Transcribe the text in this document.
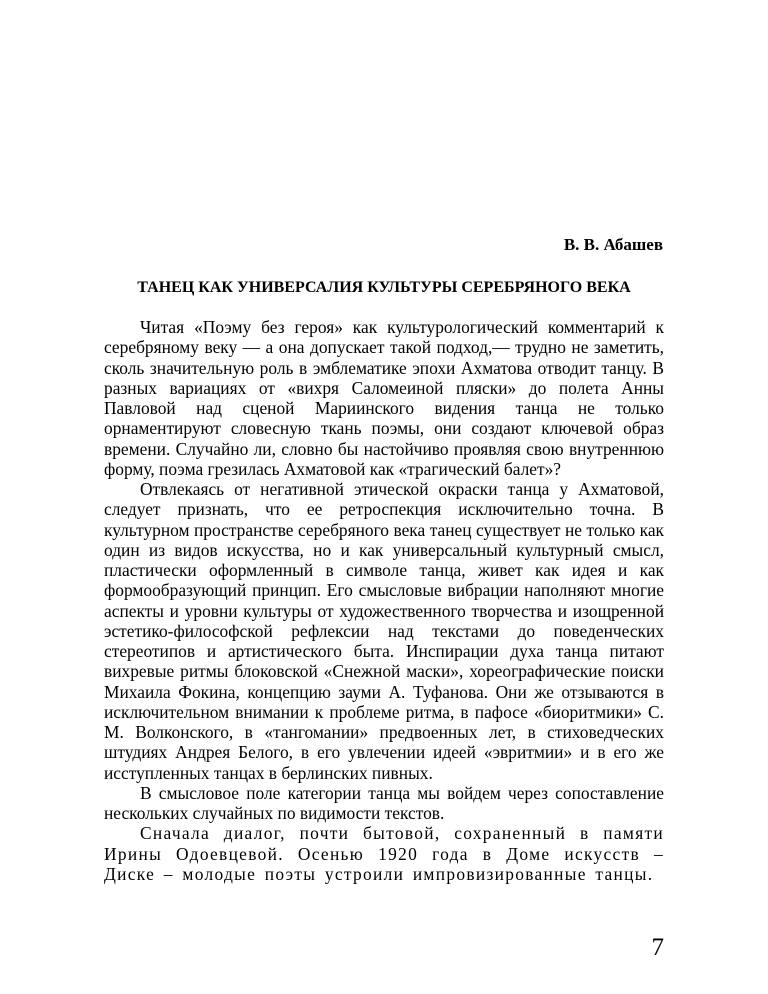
В. В. Абашев
ТАНЕЦ КАК УНИВЕРСАЛИЯ КУЛЬТУРЫ СЕРЕБРЯНОГО ВЕКА

Читая «Поэму без героя» как культурологический комментарий к серебряному веку — а она допускает такой подход,— трудно не заметить, сколь значительную роль в эмблематике эпохи Ахматова отводит танцу. В разных вариациях от «вихря Саломеиной пляски» до полета Анны Павловой над сценой Мариинского видения танца не только орнаментируют словесную ткань поэмы, они создают ключевой образ времени. Случайно ли, словно бы настойчиво проявляя свою внутреннюю форму, поэма грезилась Ахматовой как «трагический балет»?

Отвлекаясь от негативной этической окраски танца у Ахматовой, следует признать, что ее ретроспекция исключительно точна. В культурном пространстве серебряного века танец существует не только как один из видов искусства, но и как универсальный культурный смысл, пластически оформленный в символе танца, живет как идея и как формообразующий принцип. Его смысловые вибрации наполняют многие аспекты и уровни культуры от художественного творчества и изощренной эстетико-философской рефлексии над текстами до поведенческих стереотипов и артистического быта. Инспирации духа танца питают вихревые ритмы блоковской «Снежной маски», хореографические поиски Михаила Фокина, концепцию зауми А. Туфанова. Они же отзываются в исключительном внимании к проблеме ритма, в пафосе «биоритмики» С. М. Волконского, в «тангомании» предвоенных лет, в стиховедческих штудиях Андрея Белого, в его увлечении идеей «эвритмии» и в его же исступленных танцах в берлинских пивных.

В смысловое поле категории танца мы войдем через сопоставление нескольких случайных по видимости текстов.

Сначала диалог, почти бытовой, сохраненный в памяти Ирины Одоевцевой. Осенью 1920 года в Доме искусств – Диске – молодые поэты устроили импровизированные танцы.

7
